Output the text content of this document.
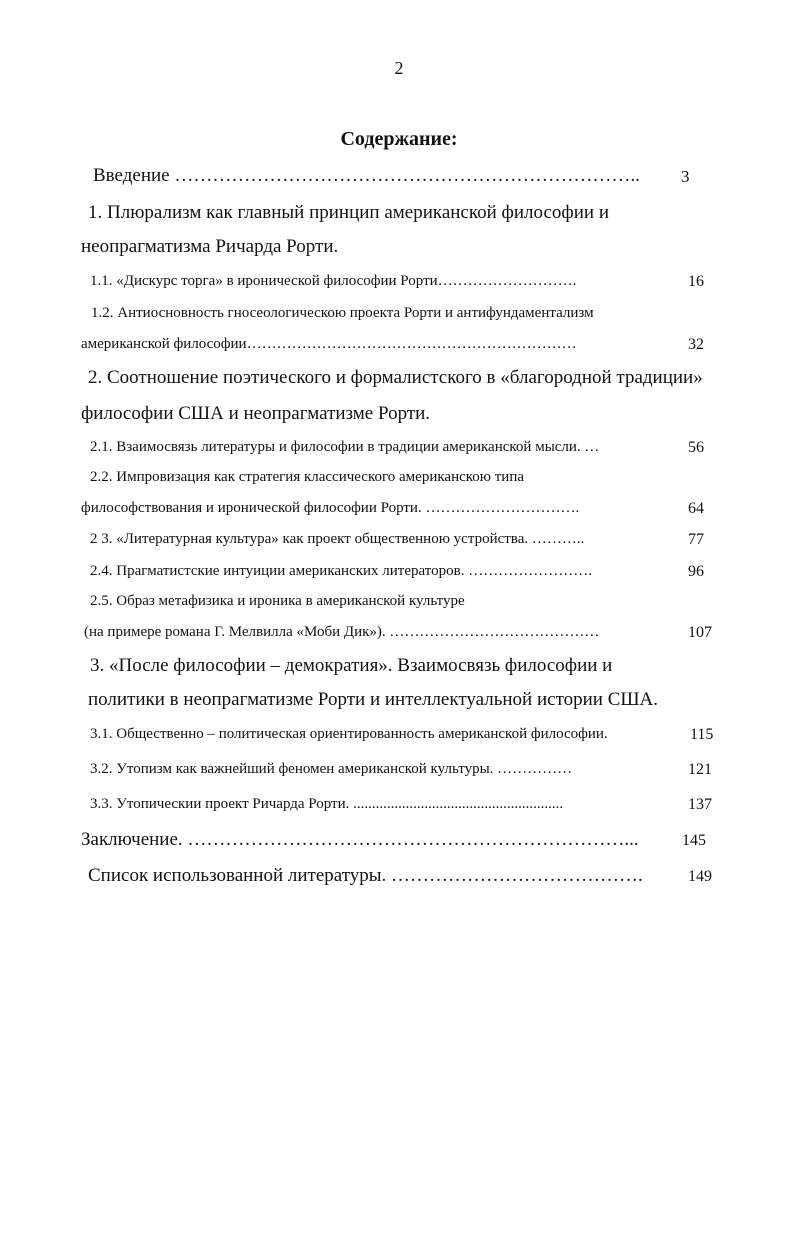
2
Содержание:
Введение ………………………………………………………………..	3
1. Плюрализм как главный принцип американской философии и
неопрагматизма Ричарда Рорти.
1.1. «Дискурс торга» в иронической философии Рорти……………………….	16
1.2. Антиосновность гносеологическою проекта Рорти и антифундаментализм
американской философии…………………………………………………………	32
2. Соотношение поэтического и формалистского в «благородной традиции»
философии США и неопрагматизме Рорти.
2.1. Взаимосвязь литературы и философии в традиции американской мысли. …	56
2.2. Импровизация как стратегия классического американскою типа
философствования и иронической философии Рорти. ………………………….	64
2 3. «Литературная культура» как проект общественною устройства. ………..	77
2.4. Прагматистские интуиции американских литераторов. …………………….	96
2.5. Образ метафизика и ироника в американской культуре
(на примере романа Г. Мелвилла «Моби Дик»). ……………………………………	107
3. «После философии – демократия». Взаимосвязь философии и
политики в неопрагматизме Рорти и интеллектуальной истории США.
3.1. Общественно – политическая ориентированность американской философии.	115
3.2. Утопизм как важнейший феномен американской культуры. ……………	121
3.3. Утопическии проект Ричарда Рорти. ........................................................	137
Заключение. ……………………………………………………………...	145
Список использованной литературы. ………………………………….	149
